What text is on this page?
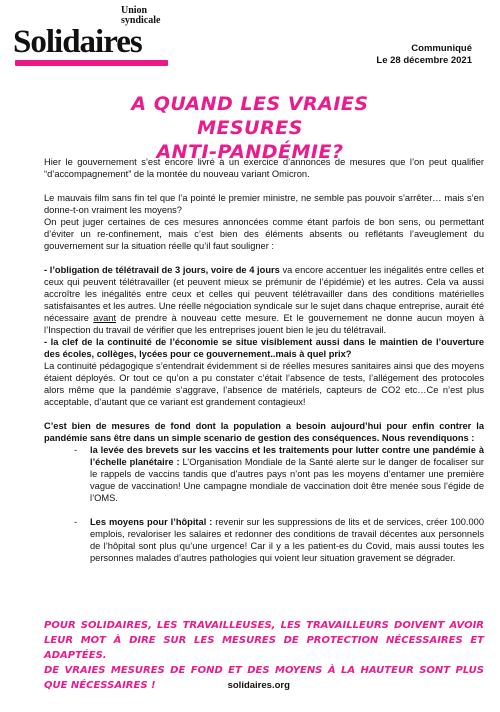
Union
syndicale
Solidaires	Communiqué
Le 28 décembre 2021
A QUAND LES VRAIES MESURES
ANTI-PANDÉMIE?

Hier le gouvernement s’est encore livré à un exercice d’annonces de mesures que l’on peut qualifier “d’accompagnement” de la montée du nouveau variant Omicron.

Le mauvais film sans fin tel que l’a pointé le premier ministre, ne semble pas pouvoir s’arrêter… mais s’en donne-t-on vraiment les moyens?

On peut juger certaines de ces mesures annoncées comme étant parfois de bon sens, ou permettant d’éviter un re-confinement, mais c’est bien des éléments absents ou reflétants l’aveuglement du gouvernement sur la situation réelle qu’il faut souligner :

- l’obligation de télétravail de 3 jours, voire de 4 jours va encore accentuer les inégalités entre celles et ceux qui peuvent télétravailler (et peuvent mieux se prémunir de l’épidémie) et les autres. Cela va aussi accroître les inégalités entre ceux et celles qui peuvent télétravailler dans des conditions matérielles satisfaisantes et les autres. Une réelle négociation syndicale sur le sujet dans chaque entreprise, aurait été nécessaire avant de prendre à nouveau cette mesure. Et le gouvernement ne donne aucun moyen à l’Inspection du travail de vérifier que les entreprises jouent bien le jeu du télétravail.

- la clef de la continuité de l’économie se situe visiblement aussi dans le maintien de l’ouverture des écoles, collèges, lycées pour ce gouvernement..mais à quel prix?

La continuité pédagogique s’entendrait évidemment si de réelles mesures sanitaires ainsi que des moyens étaient déployés. Or tout ce qu’on a pu constater c’était l’absence de tests, l’allégement des protocoles alors même que la pandémie s’aggrave, l’absence de matériels, capteurs de CO2 etc…Ce n’est plus acceptable, d’autant que ce variant est grandement contagieux!

C’est bien de mesures de fond dont la population a besoin aujourd’hui pour enfin contrer la pandémie sans être dans un simple scenario de gestion des conséquences. Nous revendiquons :

- la levée des brevets sur les vaccins et les traitements pour lutter contre une pandémie à l’échelle planétaire : L’Organisation Mondiale de la Santé alerte sur le danger de focaliser sur le rappels de vaccins tandis que d’autres pays n’ont pas les moyens d’entamer une première vague de vaccination! Une campagne mondiale de vaccination doit être menée sous l’égide de l’OMS.
- Les moyens pour l’hôpital : revenir sur les suppressions de lits et de services, créer 100.000 emplois, revaloriser les salaires et redonner des conditions de travail décentes aux personnels de l’hôpital sont plus qu’une urgence! Car il y a les patient-es du Covid, mais aussi toutes les personnes malades d’autres pathologies qui voient leur situation gravement se dégrader.
POUR SOLIDAIRES, LES TRAVAILLEUSES, LES TRAVAILLEURS DOIVENT AVOIR LEUR MOT À DIRE SUR LES MESURES DE PROTECTION NÉCESSAIRES ET ADAPTÉES.
DE VRAIES MESURES DE FOND ET DES MOYENS À LA HAUTEUR SONT PLUS QUE NÉCESSAIRES !	solidaires.org
